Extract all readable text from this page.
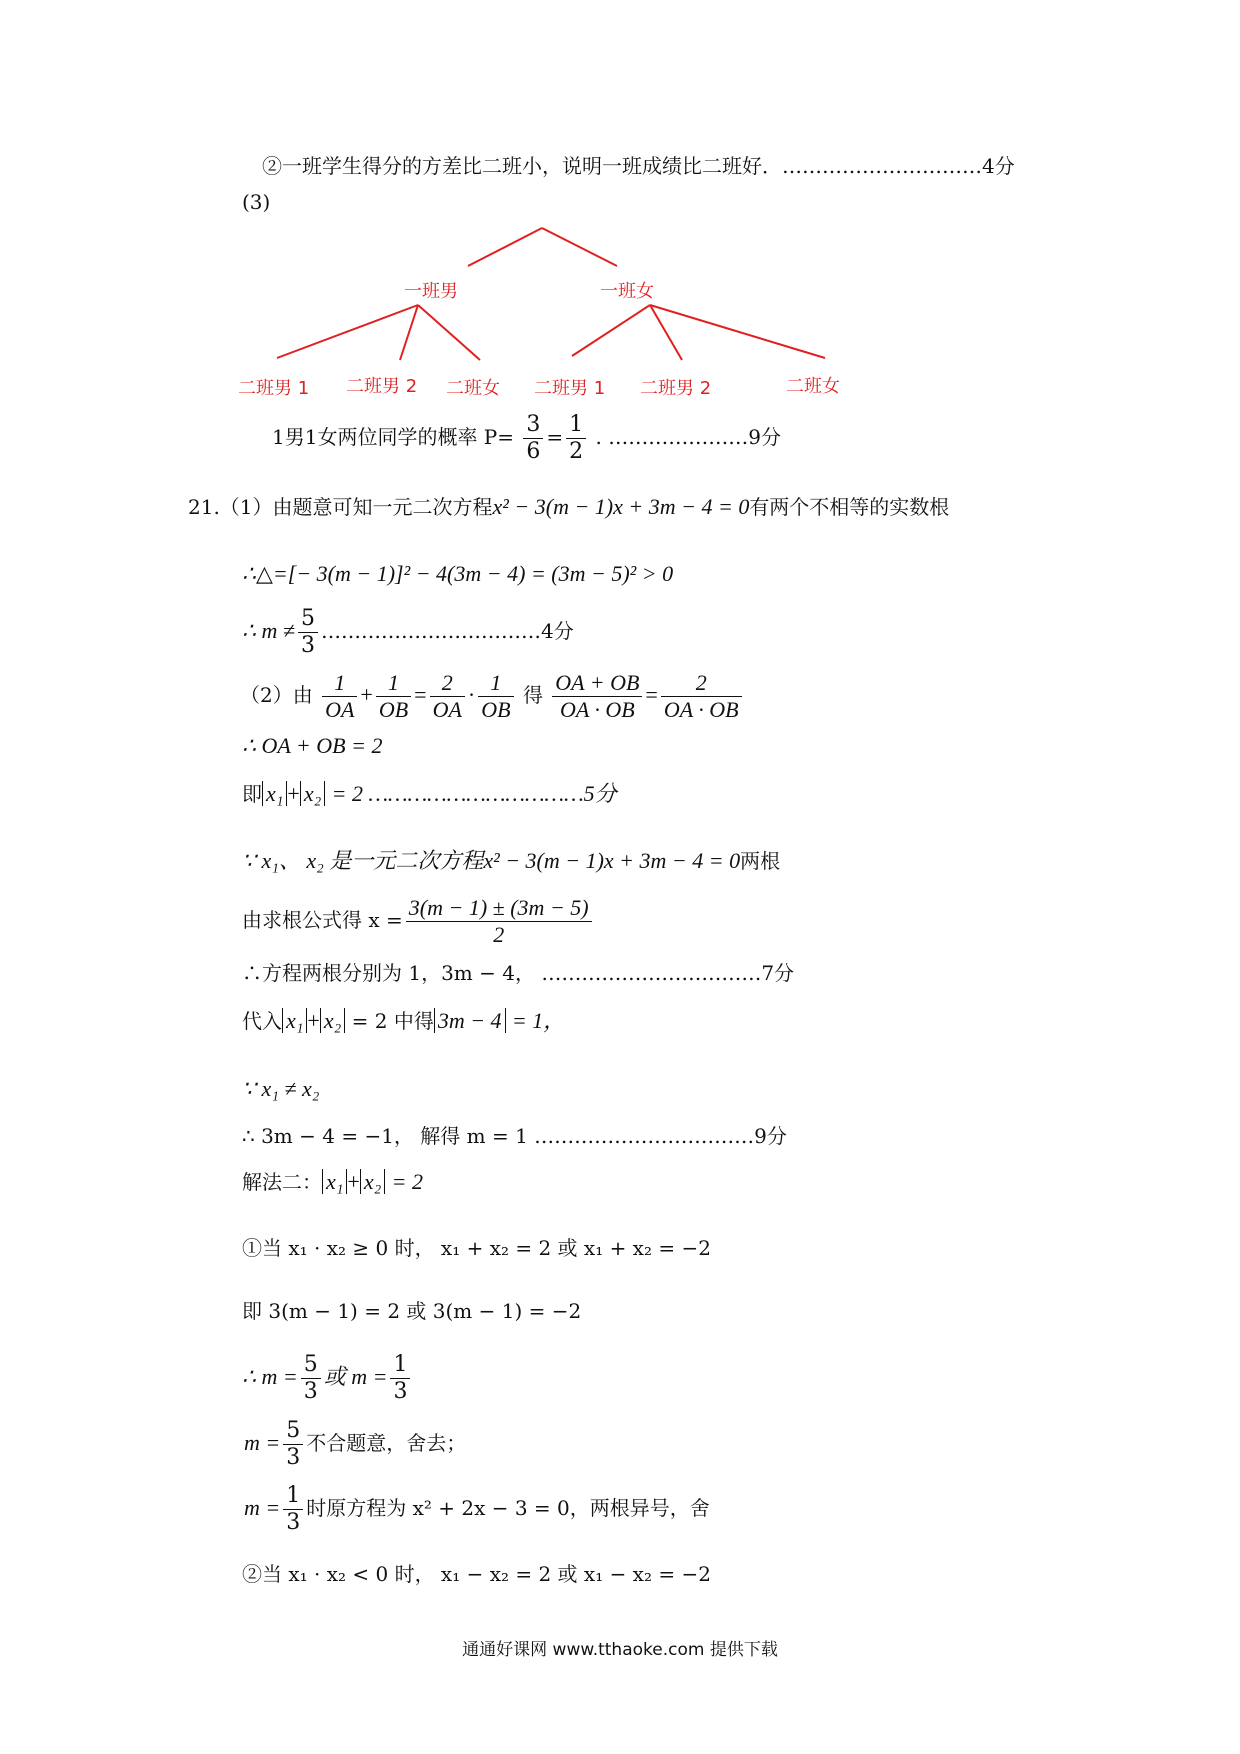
②一班学生得分的方差比二班小，说明一班成绩比二班好．…………………………4分
(3)
一班男	一班女
二班男 1 二班男 2 二班女 二班男 1 二班男 2	二班女
1男1女两位同学的概率 $P= \frac{3}{6} = \frac{1}{2}$ . …………………9分
21.（1）由题意可知一元二次方程x² − 3(m − 1)x + 3m − 4 = 0有两个不相等的实数根
∴△=[− 3(m − 1)]² − 4(3m − 4) = (3m − 5)² > 0
∴ $m \ne \frac{5}{3}$ ……………………………4分
（2）由 $\frac{1}{OA} + \frac{1}{OB} = \frac{2}{OA} \cdot \frac{1}{OB}$ 得 $\frac{OA + OB}{OA \cdot OB} = \frac{2}{OA \cdot OB}$
∴ OA + OB = 2
即 x₁ + x₂ = 2 ……………………………5分
∵ x₁、 x₂ 是一元二次方程x² − 3(m − 1)x + 3m − 4 = 0两根
由求根公式得 $x = \frac{3(m - 1) \pm (3m - 5)}{2}$
∴方程两根分别为 1，3m − 4， ……………………………7分
代入 x₁ + x₂ = 2 中得 3m − 4 = 1，
∵ x₁ ≠ x₂
∴ 3m − 4 = −1， 解得 m = 1 ……………………………9分
解法二： x₁ + x₂ = 2
①当 x₁ · x₂ ≥ 0 时， x₁ + x₂ = 2 或 x₁ + x₂ = −2
即 3(m − 1) = 2 或 3(m − 1) = −2
∴ $m = \frac{5}{3}$ 或 $m = \frac{1}{3}$
$m = \frac{5}{3}$ 不合题意，舍去；
$m = \frac{1}{3}$ 时原方程为 x² + 2x − 3 = 0，两根异号，舍
②当 x₁ · x₂ < 0 时， x₁ − x₂ = 2 或 x₁ − x₂ = −2
通通好课网 www.tthaoke.com 提供下载
